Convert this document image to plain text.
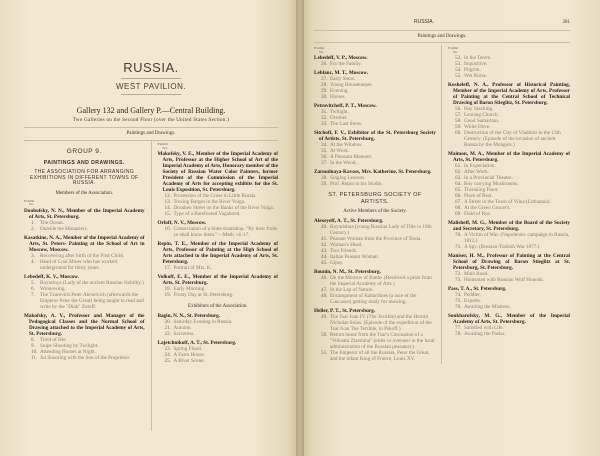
RUSSIA.
WEST PAVILION.
Gallery 132 and Gallery P.—Central Building.
Two Galleries on the Second Floor (over the United States Section.)
Paintings and Drawings.
GROUP 9.
PAINTINGS AND DRAWINGS.
THE ASSOCIATION FOR ARRANGING EXHIBITIONS IN DIFFERENT TOWNS OF RUSSIA.
Members of the Association.
Exhibit
No.
Doubofsky, N. N., Member of the Imperial Academy of Arts, St. Petersburg.
1. The Ocean.
2. Outside the Monastery.
Kasatkine, N. A., Member of the Imperial Academy of Arts, St. Peters- Painting at the School of Art in Moscow, Moscow.
3. Recovering after birth of the First Child.
4. Head of Coal Miner who has worked underground for thirty years.
Lebedeff, K. V., Moscow.
5. Boyarinya (Lady of the ancient Russian Nobility.)
6. Winnowing.
7. The Tzarevich Peter Alexeivich (afterwards the Emperor Peter the Great) being taught to read and write by the "Diak" Zotoff.
Makofsky, A. V., Professor and Manager of the Pedagogical Classes and the Normal School of Drawing attached to the Imperial Academy of Arts, St. Petersburg.
8. Tired of Her.
9. Snipe Shooting by Twilight.
10. Attending Horses at Night.
11. Jut Shooting with the Son of the Proprietor.
Exhibit
No.
Makofsky, V. E., Member of the Imperial Academy of Arts, Professor at the Higher School of Art of the Imperial Academy of Arts, Honorary member of the Society of Russian Water Color Painters, former President of the Commission of the Imperial Academy of Arts for accepting exhibits for the St. Louis Exposition, St. Petersburg.
12. Procession of the Cross in Little Russia.
13. Towing Barges in the River Volga.
14. Drunken Street on the Banks of the River Volga.
15. Type of a Barefooted Vagabond.
Orloff, N. V., Moscow.
16. Consecration of a State dramshop. "By their fruits ye shall know them."—Math. vii:17.
Repin, T. E., Member of the Imperial Academy of Arts, Professor of Painting at the High School of Arts attached to the Imperial Academy of Arts, St. Petersburg.
17. Portrait of Mrs. K.
Volkoff, E. E., Member of the Imperial Academy of Arts, St. Petersburg.
18. Early Morning.
19. Frosty Day at St. Petersburg.
Exhibitors of the Association.
Bagin, N. N., St. Petersburg.
20. Saturday Evening in Russia.
21. Autumn.
22. Sorceress.
Lajetchnikoff, A. T., St. Petersburg.
23. Spring Flood.
24. A Farm House.
25. A River Scene.
RUSSIA.	281
Paintings and Drawings.
Exhibit
No.
Lebedeff, V. P., Moscow.
26. For the Family.
Leblanc, M. T., Moscow.
27. Early Snow.
28. Young Housekeeper.
29. Evening.
30. Horses.
Petrovitcheff, P. T., Moscow.
31. Twilight.
32. October.
33. The Last Snow.
Sitchoff, F. V., Exhibitor of the St. Petersburg Society of Artists, St. Petersburg.
34. At the Window.
35. At Work.
36. A Pleasant Moment.
37. In the Wood.
Zaroudnaya-Kavoss, Mrs. Katherine, St. Petersburg.
38. Singing Lessons.
39. Prof. Repin in his Studio.
ST. PETERSBURG SOCIETY OF ARTISTS.
Active Members of the Society.
Alexeyeff, A. T., St. Petersburg.
40. Boyarishna (young Russian Lady of Title in 16th Century.)
41. Peasant Woman from the Province of Toula.
42. Woman's Head.
43. Two Friends.
44. Italian Peasant Woman.
45. Gipsy.
Bounin, N. M., St. Petersburg.
46. On the Morrow of Battle. (Received a prize from the Imperial Academy of Arts.)
47. In the Lap of Nature.
48. Encampment of Kabardines (a race of the Caucasus) getting ready for mowing.
Heller, P. T., St. Petersburg.
49. The Tsar Ivan IV (The Terrible) and the Hermit Nicholas Solas. (Episode of the expedition of the Tsar Ivan The Terrible, to Pskoff.)
50. Return home from the Tsar's Coronation of a "Volostni Ztarshina" (elder or overseer in the local administration of the Russian peasantry).
51. The Emperor of all the Russias, Peter the Great, and the infant King of France, Louis XV.
Exhibit
No.
52. In the Terem.
53. Inquisitive.
54. Pilgrim.
55. Wet Nurse.
Kosheleff, N. A., Professor of Historical Painting, Member of the Imperial Academy of Arts, Professor of Painting at the Central School of Technical Drawing of Baron Stieglitz, St. Petersburg.
56. Hay Stacking.
57. Leaving Church.
58. Good Samaritan.
59. White Dove.
60. Destruction of the City of Vladimir in the 13th Century. (Episode of the invasion of ancient Russia by the Mongols.)
Maimon, M. A., Member of the Imperial Academy of Arts, St. Petersburg.
61. In Expectation.
62. After Work.
63. In a Provincial Theatre.
64. Boy carrying Mushrooms.
65. Threshing Floor.
66. Place of Rest.
67. A Street in the Town of Vilna (Lithuania).
68. At the Green Grocer's.
69. Field of Rye.
Malisheff, M. G., Member of the Board of the Society and Secretary, St. Petersburg.
70. A Victim of War. (Napoleonic campaign in Russia, 1812.)
71. A Spy. (Russian-Turkish War 1877.)
Maniser, H. M., Professor of Painting at the Central School of Drawing of Baron Stieglitz at St. Petersburg, St. Petersburg.
72. Main Road.
73. Huntsman with Russian Wolf Hounds.
Pass, T. A., St. Petersburg.
74. Peddler.
75. Experts.
76. Awaiting the Mistress.
Soukharofsky, M. G., Member of the Imperial Academy of Arts, St. Petersburg.
77. Satisfied with Life.
78. Awaiting the Pasha.
